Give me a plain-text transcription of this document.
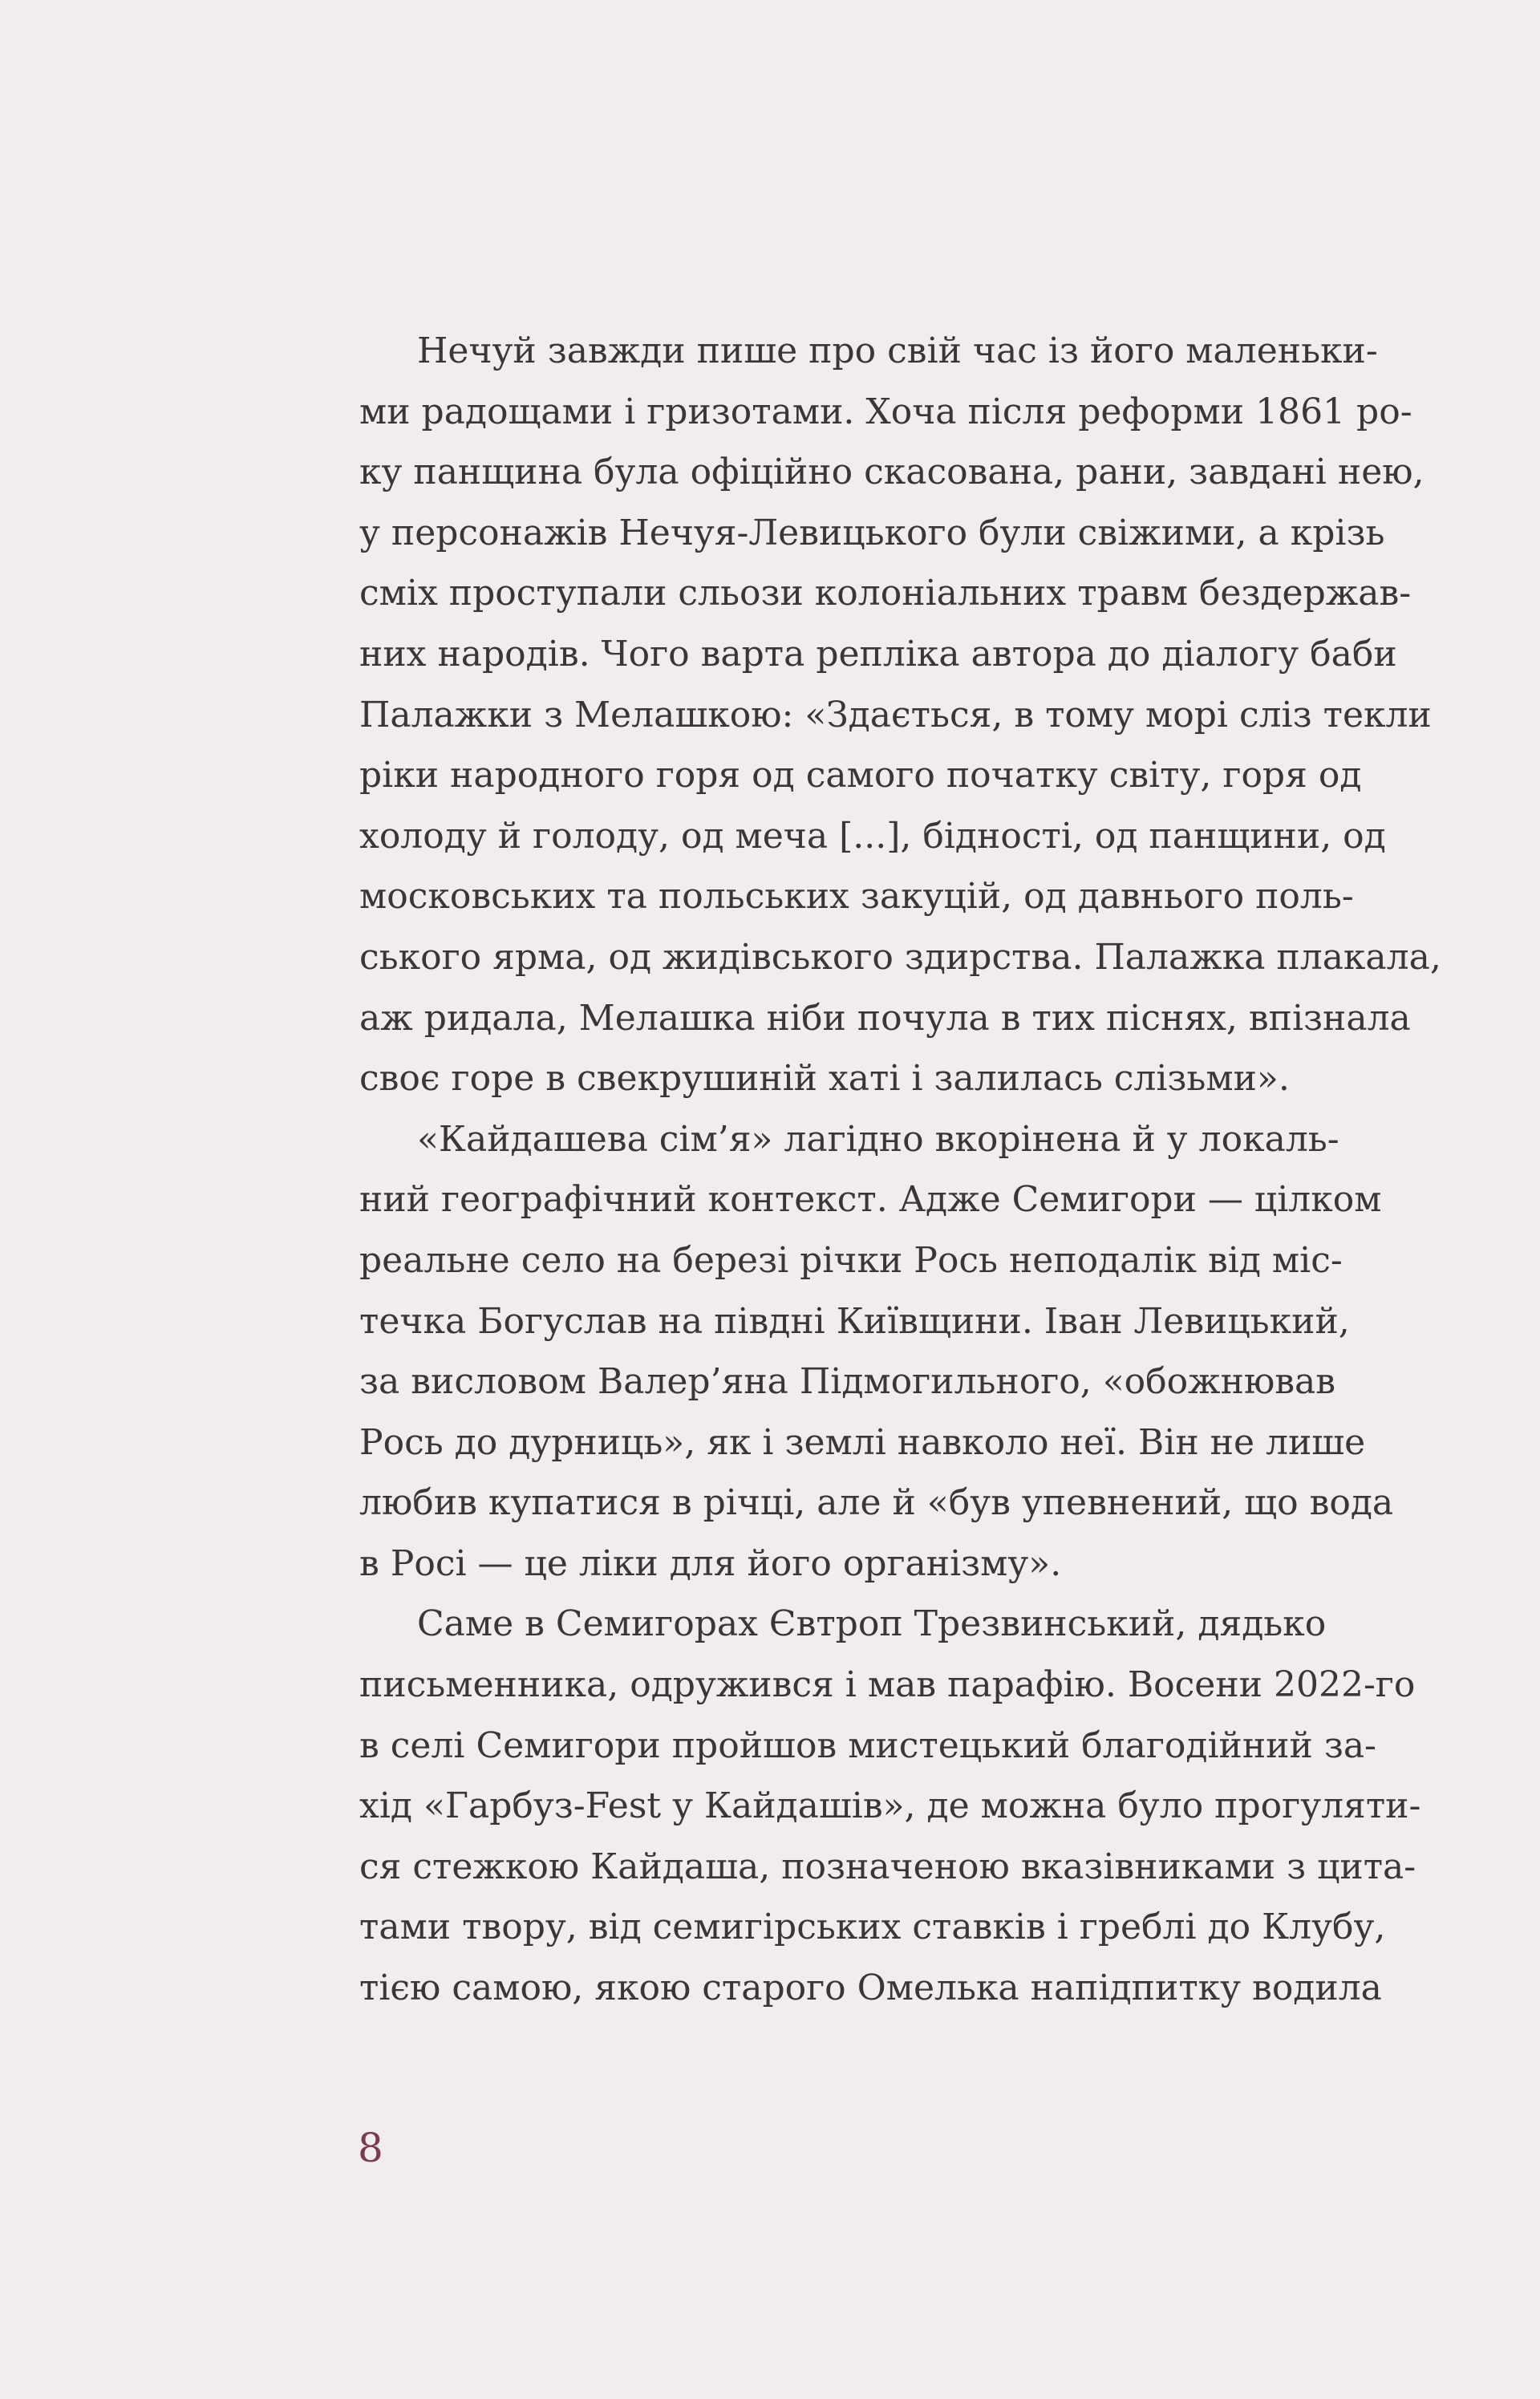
Нечуй завжди пише про свій час із його маленьки-
ми радощами і гризотами. Хоча після реформи 1861 ро-
ку панщина була офіційно скасована, рани, завдані нею,
у персонажів Нечуя-Левицького були свіжими, а крізь
сміх проступали сльози колоніальних травм бездержав-
них народів. Чого варта репліка автора до діалогу баби
Палажки з Мелашкою: «Здається, в тому морі сліз текли
ріки народного горя од самого початку світу, горя од
холоду й голоду, од меча [...], бідності, од панщини, од
московських та польських закуцій, од давнього поль-
ського ярма, од жидівського здирства. Палажка плакала,
аж ридала, Мелашка ніби почула в тих піснях, впізнала
своє горе в свекрушиній хаті і залилась слізьми».
«Кайдашева сім’я» лагідно вкорінена й у локаль-
ний географічний контекст. Адже Семигори — цілком
реальне село на березі річки Рось неподалік від міс-
течка Богуслав на півдні Київщини. Іван Левицький,
за висловом Валер’яна Підмогильного, «обожнював
Рось до дурниць», як і землі навколо неї. Він не лише
любив купатися в річці, але й «був упевнений, що вода
в Росі — це ліки для його організму».
Саме в Семигорах Євтроп Трезвинський, дядько
письменника, одружився і мав парафію. Восени 2022-го
в селі Семигори пройшов мистецький благодійний за-
хід «Гарбуз-Fest у Кайдашів», де можна було прогуляти-
ся стежкою Кайдаша, позначеною вказівниками з цита-
тами твору, від семигірських ставків і греблі до Клубу,
тією самою, якою старого Омелька напідпитку водила
8
